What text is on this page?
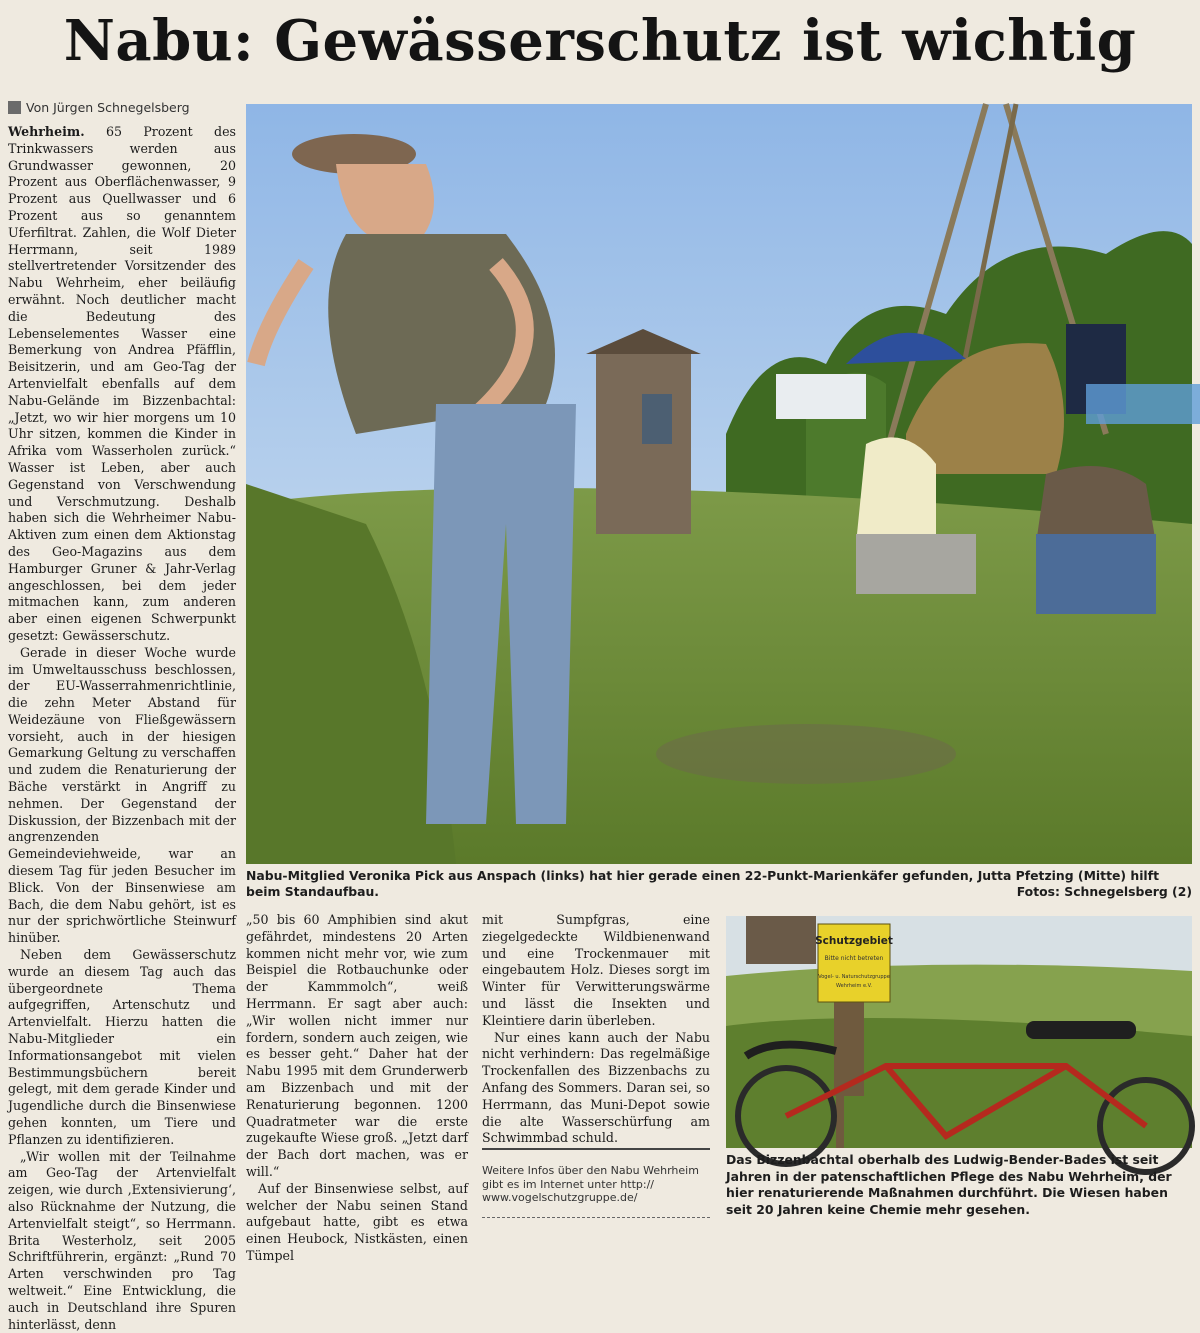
Nabu: Gewässerschutz ist wichtig
Von Jürgen Schnegelsberg

Wehrheim. 65 Prozent des Trinkwassers werden aus Grundwasser gewonnen, 20 Prozent aus Oberflächenwasser, 9 Prozent aus Quellwasser und 6 Prozent aus so genanntem Uferfiltrat. Zahlen, die Wolf Dieter Herrmann, seit 1989 stellvertretender Vorsitzender des Nabu Wehrheim, eher beiläufig erwähnt. Noch deutlicher macht die Bedeutung des Lebenselementes Wasser eine Bemerkung von Andrea Pfäfflin, Beisitzerin, und am Geo-Tag der Artenvielfalt ebenfalls auf dem Nabu-Gelände im Bizzenbachtal: „Jetzt, wo wir hier morgens um 10 Uhr sitzen, kommen die Kinder in Afrika vom Wasserholen zurück.“ Wasser ist Leben, aber auch Gegenstand von Verschwendung und Verschmutzung. Deshalb haben sich die Wehrheimer Nabu-Aktiven zum einen dem Aktionstag des Geo-Magazins aus dem Hamburger Gruner & Jahr-Verlag angeschlossen, bei dem jeder mitmachen kann, zum anderen aber einen eigenen Schwerpunkt gesetzt: Gewässerschutz.

Gerade in dieser Woche wurde im Umweltausschuss beschlossen, der EU-Wasserrahmenrichtlinie, die zehn Meter Abstand für Weidezäune von Fließgewässern vorsieht, auch in der hiesigen Gemarkung Geltung zu verschaffen und zudem die Renaturierung der Bäche verstärkt in Angriff zu nehmen. Der Gegenstand der Diskussion, der Bizzenbach mit der angrenzenden Gemeindeviehweide, war an diesem Tag für jeden Besucher im Blick. Von der Binsenwiese am Bach, die dem Nabu gehört, ist es nur der sprichwörtliche Steinwurf hinüber.

Neben dem Gewässerschutz wurde an diesem Tag auch das übergeordnete Thema aufgegriffen, Artenschutz und Artenvielfalt. Hierzu hatten die Nabu-Mitglieder ein Informationsangebot mit vielen Bestimmungsbüchern bereit gelegt, mit dem gerade Kinder und Jugendliche durch die Binsenwiese gehen konnten, um Tiere und Pflanzen zu identifizieren.

„Wir wollen mit der Teilnahme am Geo-Tag der Artenvielfalt zeigen, wie durch ‚Extensivierung‘, also Rücknahme der Nutzung, die Artenvielfalt steigt“, so Herrmann. Brita Westerholz, seit 2005 Schriftführerin, ergänzt: „Rund 70 Arten verschwinden pro Tag weltweit.“ Eine Entwicklung, die auch in Deutschland ihre Spuren hinterlässt, denn

Nabu-Mitglied Veronika Pick aus Anspach (links) hat hier gerade einen 22-Punkt-Marienkäfer gefunden, Jutta Pfetzing (Mitte) hilft beim Standaufbau.	Fotos: Schnegelsberg (2)

„50 bis 60 Amphibien sind akut gefährdet, mindestens 20 Arten kommen nicht mehr vor, wie zum Beispiel die Rotbauchunke oder der Kammmolch“, weiß Herrmann. Er sagt aber auch: „Wir wollen nicht immer nur fordern, sondern auch zeigen, wie es besser geht.“ Daher hat der Nabu 1995 mit dem Grunderwerb am Bizzenbach und mit der Renaturierung begonnen. 1200 Quadratmeter war die erste zugekaufte Wiese groß. „Jetzt darf der Bach dort machen, was er will.“

Auf der Binsenwiese selbst, auf welcher der Nabu seinen Stand aufgebaut hatte, gibt es etwa einen Heubock, Nistkästen, einen Tümpel

mit Sumpfgras, eine ziegelgedeckte Wildbienenwand und eine Trockenmauer mit eingebautem Holz. Dieses sorgt im Winter für Verwitterungswärme und lässt die Insekten und Kleintiere darin überleben.

Nur eines kann auch der Nabu nicht verhindern: Das regelmäßige Trockenfallen des Bizzenbachs zu Anfang des Sommers. Daran sei, so Herrmann, das Muni-Depot sowie die alte Wasserschürfung am Schwimmbad schuld.

Weitere Infos über den Nabu Wehrheim
gibt es im Internet unter http://
www.vogelschutzgruppe.de/
Schutzgebiet
Bitte nicht betreten
Vogel- u. Naturschutzgruppe
Wehrheim e.V.
Das Bizzenbachtal oberhalb des Ludwig-Bender-Bades ist seit Jahren in der patenschaftlichen Pflege des Nabu Wehrheim, der hier renaturierende Maßnahmen durchführt. Die Wiesen haben seit 20 Jahren keine Chemie mehr gesehen.
